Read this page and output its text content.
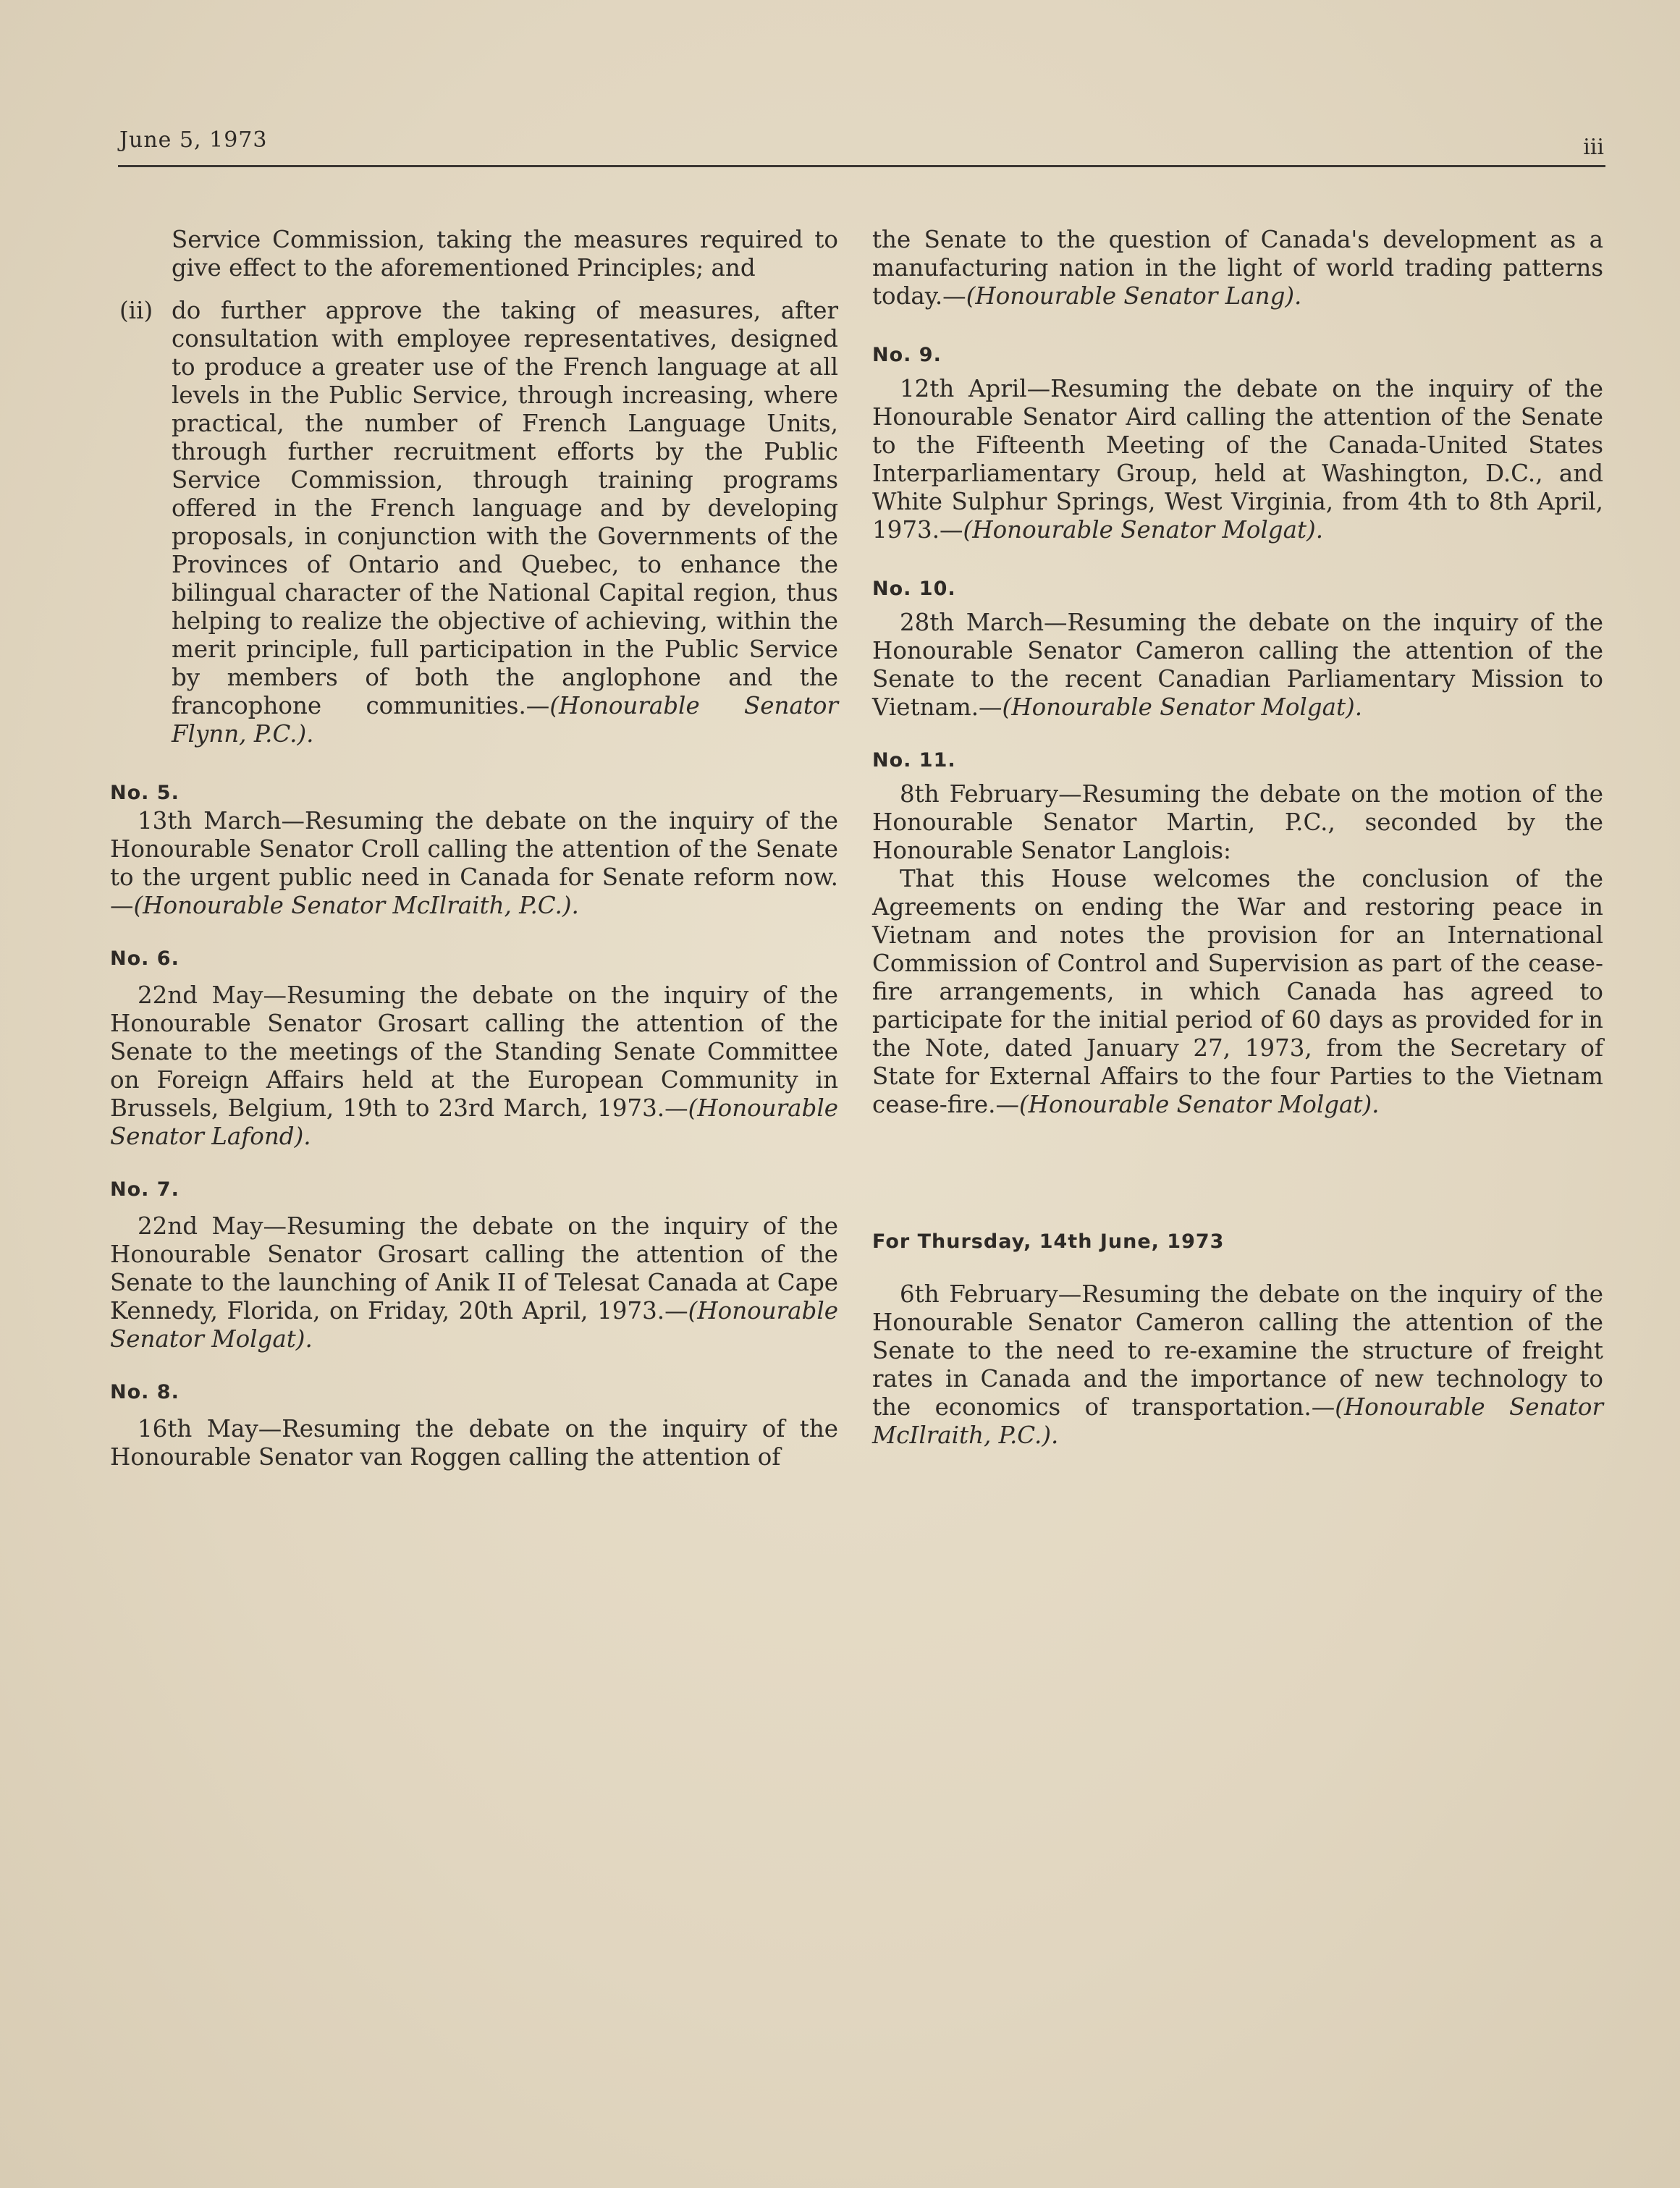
June 5, 1973	iii

Service Commission, taking the measures required to give effect to the aforementioned Principles; and

(ii) do further approve the taking of measures, after consultation with employee representatives, designed to produce a greater use of the French language at all levels in the Public Service, through increasing, where practical, the number of French Language Units, through further recruitment efforts by the Public Service Commission, through training programs offered in the French language and by developing proposals, in conjunction with the Governments of the Provinces of Ontario and Quebec, to enhance the bilingual character of the National Capital region, thus helping to realize the objective of achieving, within the merit principle, full participation in the Public Service by members of both the anglophone and the francophone communities.—(Honourable Senator Flynn, P.C.).

No. 5.

13th March—Resuming the debate on the inquiry of the Honourable Senator Croll calling the attention of the Senate to the urgent public need in Canada for Senate reform now.—(Honourable Senator McIlraith, P.C.).

No. 6.

22nd May—Resuming the debate on the inquiry of the Honourable Senator Grosart calling the attention of the Senate to the meetings of the Standing Senate Committee on Foreign Affairs held at the European Community in Brussels, Belgium, 19th to 23rd March, 1973.—(Honourable Senator Lafond).

No. 7.

22nd May—Resuming the debate on the inquiry of the Honourable Senator Grosart calling the attention of the Senate to the launching of Anik II of Telesat Canada at Cape Kennedy, Florida, on Friday, 20th April, 1973.—(Honourable Senator Molgat).

No. 8.

16th May—Resuming the debate on the inquiry of the Honourable Senator van Roggen calling the attention of

the Senate to the question of Canada's development as a manufacturing nation in the light of world trading patterns today.—(Honourable Senator Lang).

No. 9.

12th April—Resuming the debate on the inquiry of the Honourable Senator Aird calling the attention of the Senate to the Fifteenth Meeting of the Canada-United States Interparliamentary Group, held at Washington, D.C., and White Sulphur Springs, West Virginia, from 4th to 8th April, 1973.—(Honourable Senator Molgat).

No. 10.

28th March—Resuming the debate on the inquiry of the Honourable Senator Cameron calling the attention of the Senate to the recent Canadian Parliamentary Mission to Vietnam.—(Honourable Senator Molgat).

No. 11.

8th February—Resuming the debate on the motion of the Honourable Senator Martin, P.C., seconded by the Honourable Senator Langlois:

That this House welcomes the conclusion of the Agreements on ending the War and restoring peace in Vietnam and notes the provision for an International Commission of Control and Supervision as part of the cease-fire arrangements, in which Canada has agreed to participate for the initial period of 60 days as provided for in the Note, dated January 27, 1973, from the Secretary of State for External Affairs to the four Parties to the Vietnam cease-fire.—(Honourable Senator Molgat).

For Thursday, 14th June, 1973

6th February—Resuming the debate on the inquiry of the Honourable Senator Cameron calling the attention of the Senate to the need to re-examine the structure of freight rates in Canada and the importance of new technology to the economics of transportation.—(Honourable Senator McIlraith, P.C.).
